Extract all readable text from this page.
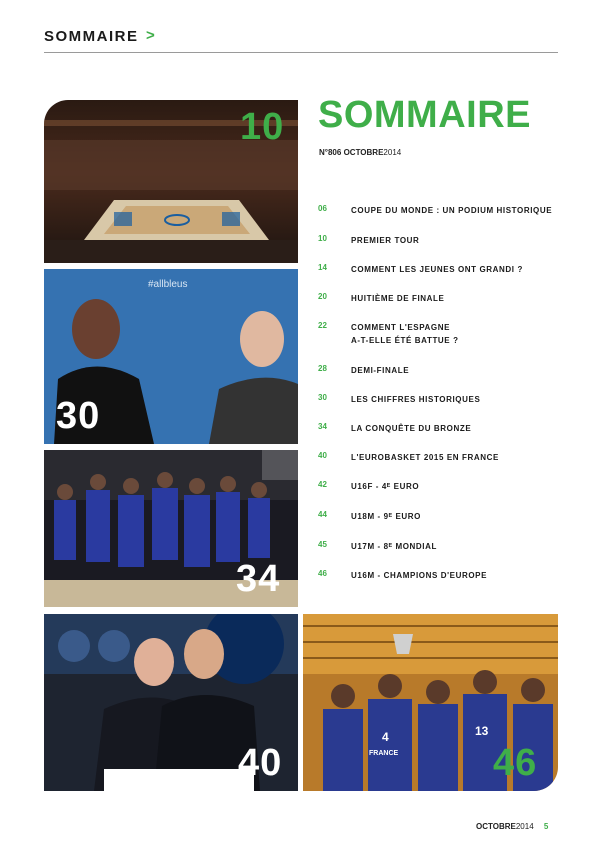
SOMMAIRE >
10
#allbleus
30
34
40
4	13
FRANCE 46
SOMMAIRE
N°806 OCTOBRE2014
06	COUPE DU MONDE : UN PODIUM HISTORIQUE
10	PREMIER TOUR
14	COMMENT LES JEUNES ONT GRANDI ?
20	HUITIÈME DE FINALE
22	COMMENT L'ESPAGNE
A-T-ELLE ÉTÉ BATTUE ?
28	DEMI-FINALE
30	LES CHIFFRES HISTORIQUES
34	LA CONQUÊTE DU BRONZE
40	L'EUROBASKET 2015 EN FRANCE
42	U16F - 4ᴱ EURO
44	U18M - 9ᴱ EURO
45	U17M - 8ᴱ MONDIAL
46	U16M - CHAMPIONS D'EUROPE
OCTOBRE2014 5
